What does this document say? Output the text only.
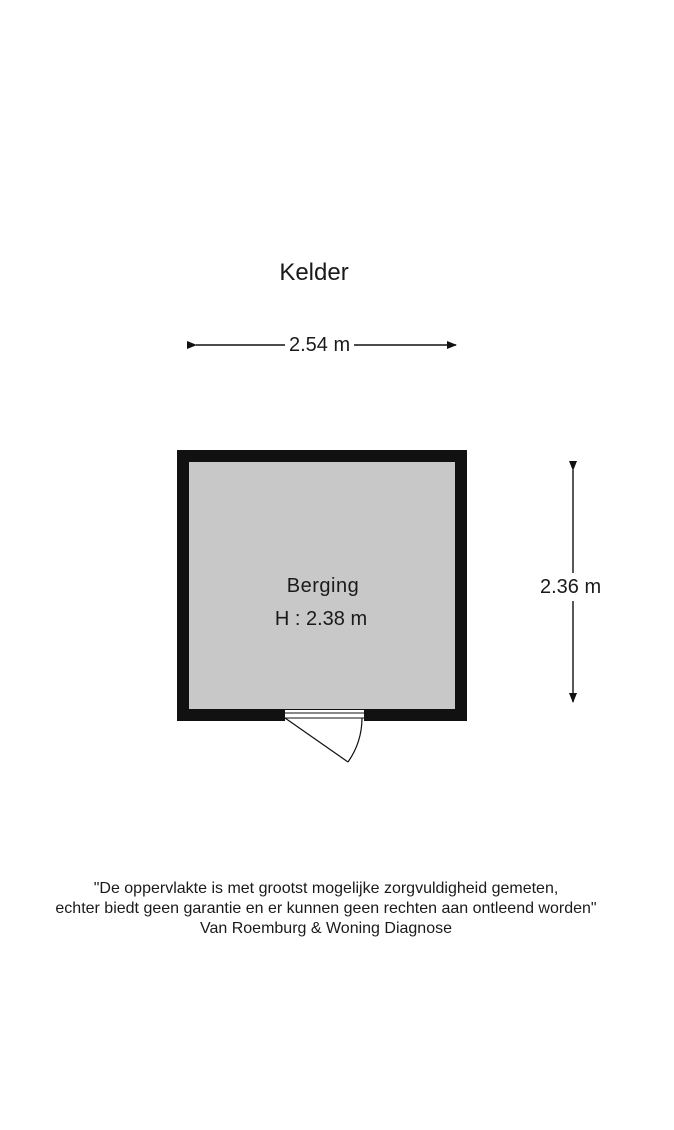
Kelder
2.54 m
2.36 m
Berging
H : 2.38 m
"De oppervlakte is met grootst mogelijke zorgvuldigheid gemeten,
echter biedt geen garantie en er kunnen geen rechten aan ontleend worden"
Van Roemburg & Woning Diagnose
